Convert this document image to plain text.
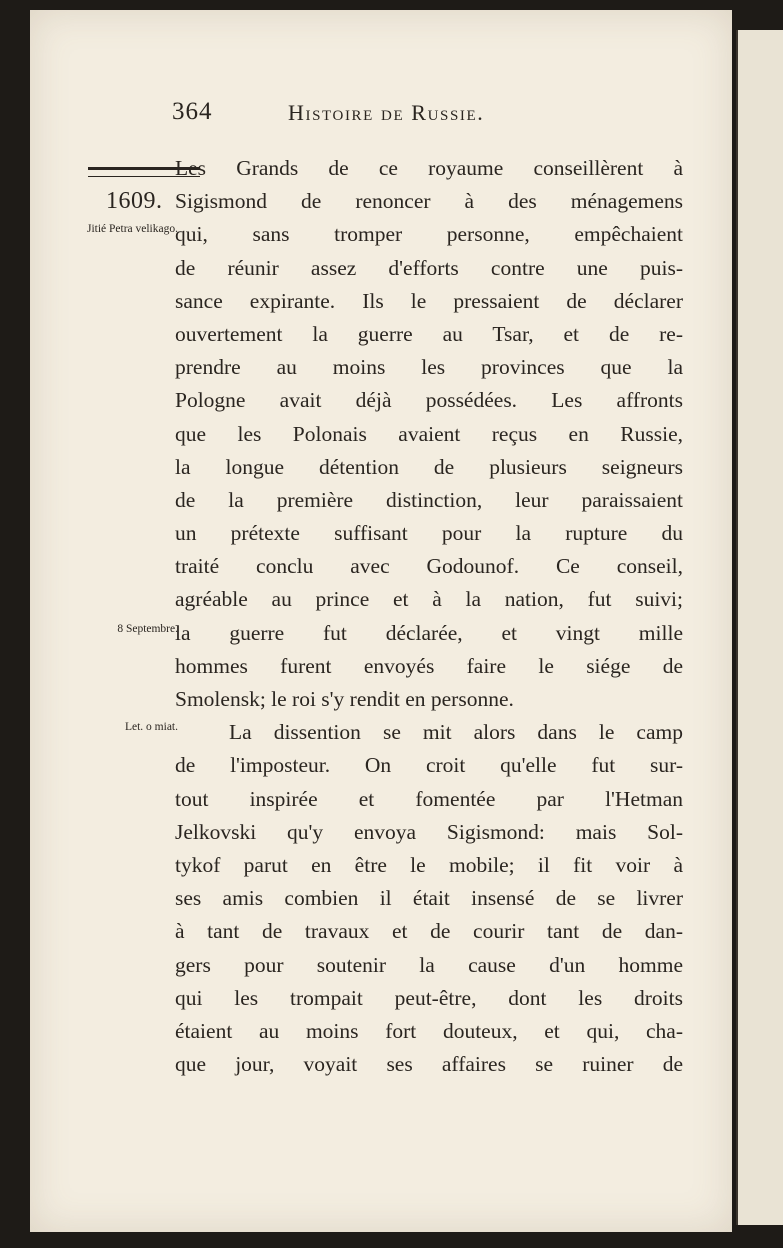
364	Histoire de Russie.
1609.
Jitié Petra velikago.
8 Septembre.
Let. o miat.
Les Grands de ce royaume conseillèrent à
Sigismond de renoncer à des ménagemens
qui, sans tromper personne, empêchaient
de réunir assez d'efforts contre une puis-
sance expirante. Ils le pressaient de déclarer
ouvertement la guerre au Tsar, et de re-
prendre au moins les provinces que la
Pologne avait déjà possédées. Les affronts
que les Polonais avaient reçus en Russie,
la longue détention de plusieurs seigneurs
de la première distinction, leur paraissaient
un prétexte suffisant pour la rupture du
traité conclu avec Godounof. Ce conseil,
agréable au prince et à la nation, fut suivi;
la guerre fut déclarée, et vingt mille
hommes furent envoyés faire le siége de
Smolensk; le roi s'y rendit en personne.
La dissention se mit alors dans le camp
de l'imposteur. On croit qu'elle fut sur-
tout inspirée et fomentée par l'Hetman
Jelkovski qu'y envoya Sigismond: mais Sol-
tykof parut en être le mobile; il fit voir à
ses amis combien il était insensé de se livrer
à tant de travaux et de courir tant de dan-
gers pour soutenir la cause d'un homme
qui les trompait peut-être, dont les droits
étaient au moins fort douteux, et qui, cha-
que jour, voyait ses affaires se ruiner de
